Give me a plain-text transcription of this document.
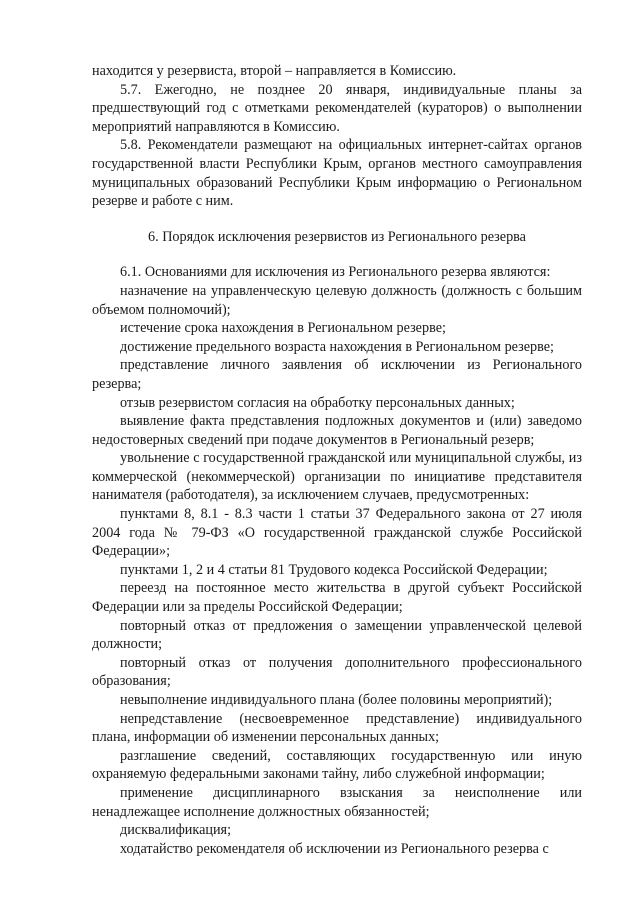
находится у резервиста, второй – направляется в Комиссию.

5.7. Ежегодно, не позднее 20 января, индивидуальные планы за предшествующий год с отметками рекомендателей (кураторов) о выполнении мероприятий направляются в Комиссию.

5.8. Рекомендатели размещают на официальных интернет-сайтах органов государственной власти Республики Крым, органов местного самоуправления муниципальных образований Республики Крым информацию о Региональном резерве и работе с ним.

6. Порядок исключения резервистов из Регионального резерва

6.1. Основаниями для исключения из Регионального резерва являются:

назначение на управленческую целевую должность (должность с большим объемом полномочий);

истечение срока нахождения в Региональном резерве;

достижение предельного возраста нахождения в Региональном резерве;

представление личного заявления об исключении из Регионального резерва;

отзыв резервистом согласия на обработку персональных данных;

выявление факта представления подложных документов и (или) заведомо недостоверных сведений при подаче документов в Региональный резерв;

увольнение с государственной гражданской или муниципальной службы, из коммерческой (некоммерческой) организации по инициативе представителя нанимателя (работодателя), за исключением случаев, предусмотренных:

пунктами 8, 8.1 - 8.3 части 1 статьи 37 Федерального закона от 27 июля 2004 года № 79-ФЗ «О государственной гражданской службе Российской Федерации»;

пунктами 1, 2 и 4 статьи 81 Трудового кодекса Российской Федерации;

переезд на постоянное место жительства в другой субъект Российской Федерации или за пределы Российской Федерации;

повторный отказ от предложения о замещении управленческой целевой должности;

повторный отказ от получения дополнительного профессионального образования;

невыполнение индивидуального плана (более половины мероприятий);

непредставление (несвоевременное представление) индивидуального плана, информации об изменении персональных данных;

разглашение сведений, составляющих государственную или иную охраняемую федеральными законами тайну, либо служебной информации;

применение дисциплинарного взыскания за неисполнение или ненадлежащее исполнение должностных обязанностей;

дисквалификация;

ходатайство рекомендателя об исключении из Регионального резерва с
